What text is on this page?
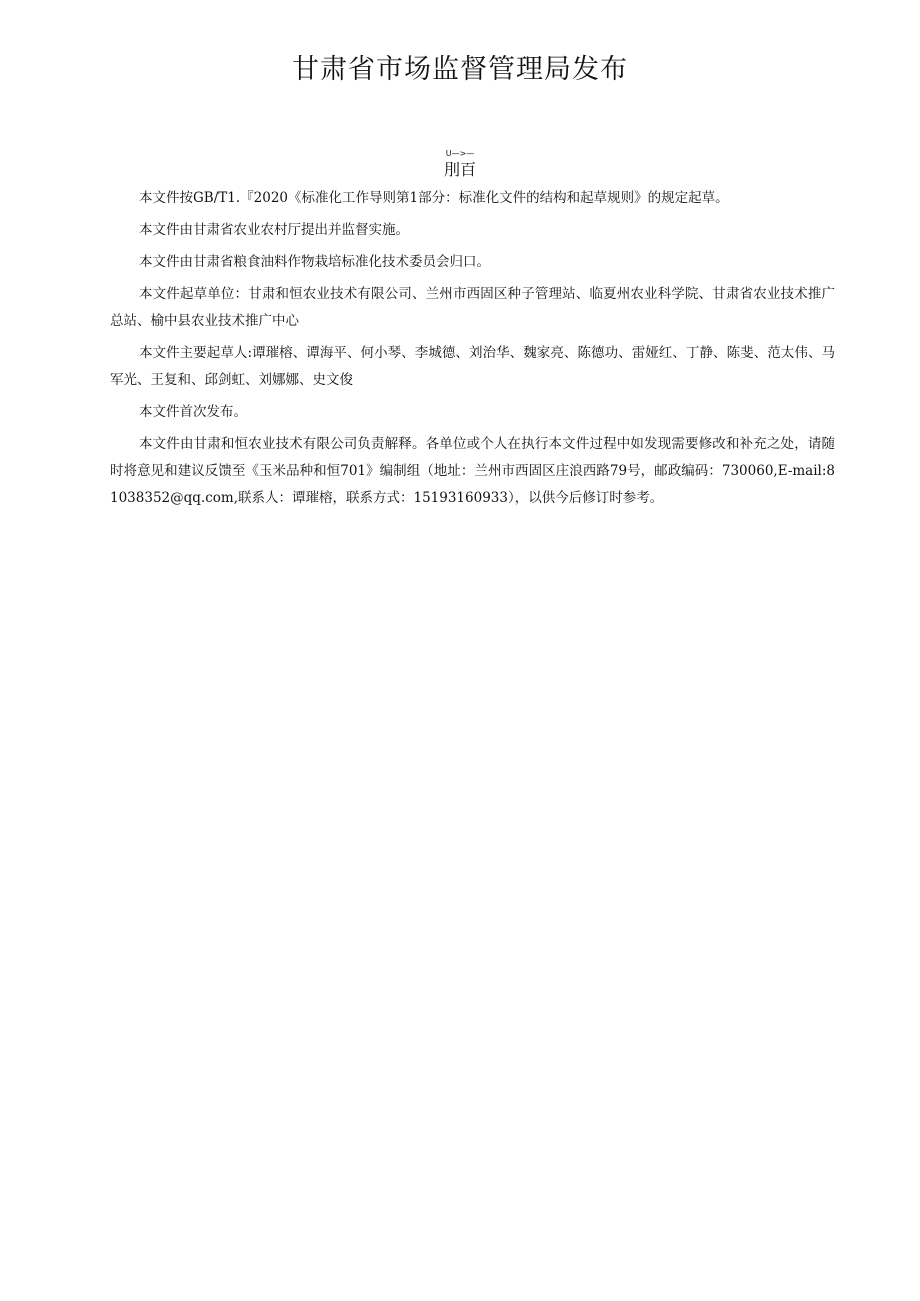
甘肃省市场监督管理局发布
U—>—
刖百

本文件按GB/T1.『2020《标准化工作导则第1部分：标准化文件的结构和起草规则》的规定起草。

本文件由甘肃省农业农村厅提出并监督实施。

本文件由甘肃省粮食油料作物栽培标准化技术委员会归口。

本文件起草单位：甘肃和恒农业技术有限公司、兰州市西固区种子管理站、临夏州农业科学院、甘肃省农业技术推广总站、榆中县农业技术推广中心

本文件主要起草人:谭璀榕、谭海平、何小琴、李城德、刘治华、魏家亮、陈德功、雷娅红、丁静、陈斐、范太伟、马军光、王复和、邱剑虹、刘娜娜、史文俊

本文件首次发布。

本文件由甘肃和恒农业技术有限公司负责解释。各单位或个人在执行本文件过程中如发现需要修改和补充之处，请随时将意见和建议反馈至《玉米品种和恒701》编制组（地址：兰州市西固区庄浪西路79号，邮政编码：730060,E-mail:81038352@qq.com,联系人：谭璀榕，联系方式：15193160933），以供今后修订时参考。
